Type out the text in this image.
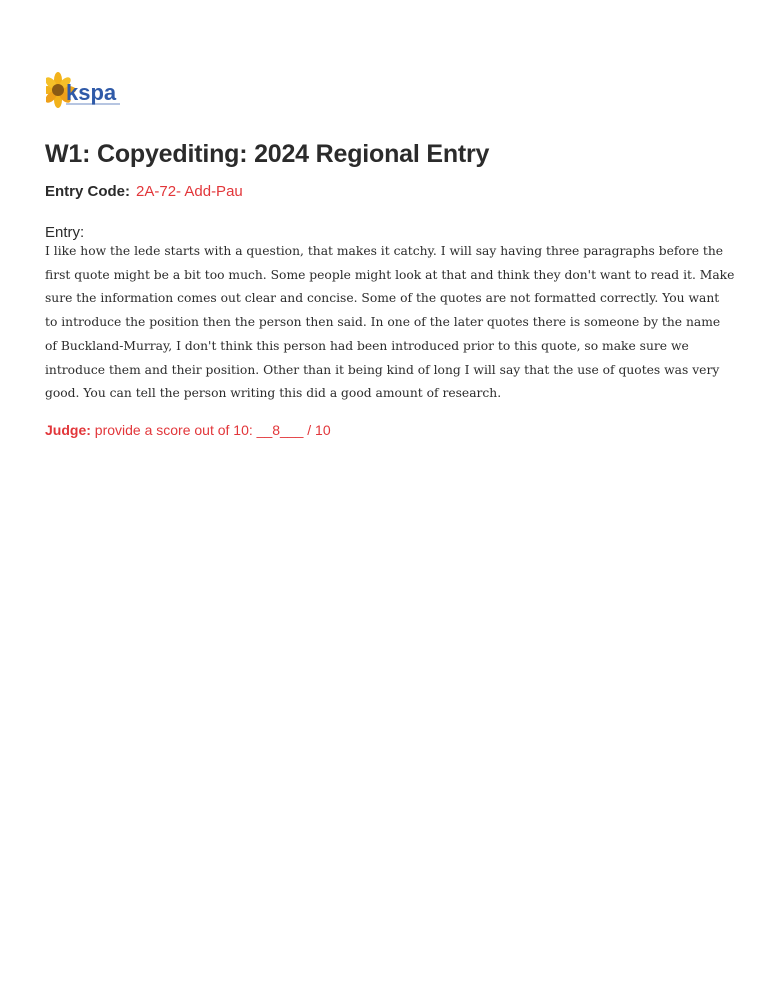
kspa
W1: Copyediting: 2024 Regional Entry
Entry Code: 2A-72- Add-Pau
Entry:

I like how the lede starts with a question, that makes it catchy. I will say having three paragraphs before the first quote might be a bit too much. Some people might look at that and think they don't want to read it. Make sure the information comes out clear and concise. Some of the quotes are not formatted correctly. You want to introduce the position then the person then said. In one of the later quotes there is someone by the name of Buckland-Murray, I don't think this person had been introduced prior to this quote, so make sure we introduce them and their position. Other than it being kind of long I will say that the use of quotes was very good. You can tell the person writing this did a good amount of research.

Judge: provide a score out of 10: __8___ / 10
